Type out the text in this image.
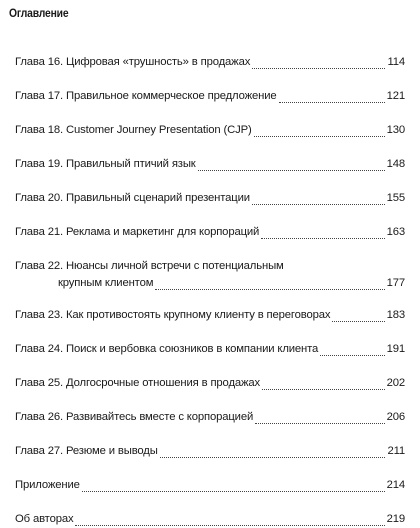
Оглавление
Глава 16. Цифровая «трушность» в продажах	114
Глава 17. Правильное коммерческое предложение	121
Глава 18. Customer Journey Presentation (CJP)	130
Глава 19. Правильный птичий язык	148
Глава 20. Правильный сценарий презентации	155
Глава 21. Реклама и маркетинг для корпораций	163
Глава 22. Нюансы личной встречи с потенциальным
крупным клиентом	177
Глава 23. Как противостоять крупному клиенту в переговорах	183
Глава 24. Поиск и вербовка союзников в компании клиента	191
Глава 25. Долгосрочные отношения в продажах	202
Глава 26. Развивайтесь вместе с корпорацией	206
Глава 27. Резюме и выводы	211
Приложение	214
Об авторах	219
